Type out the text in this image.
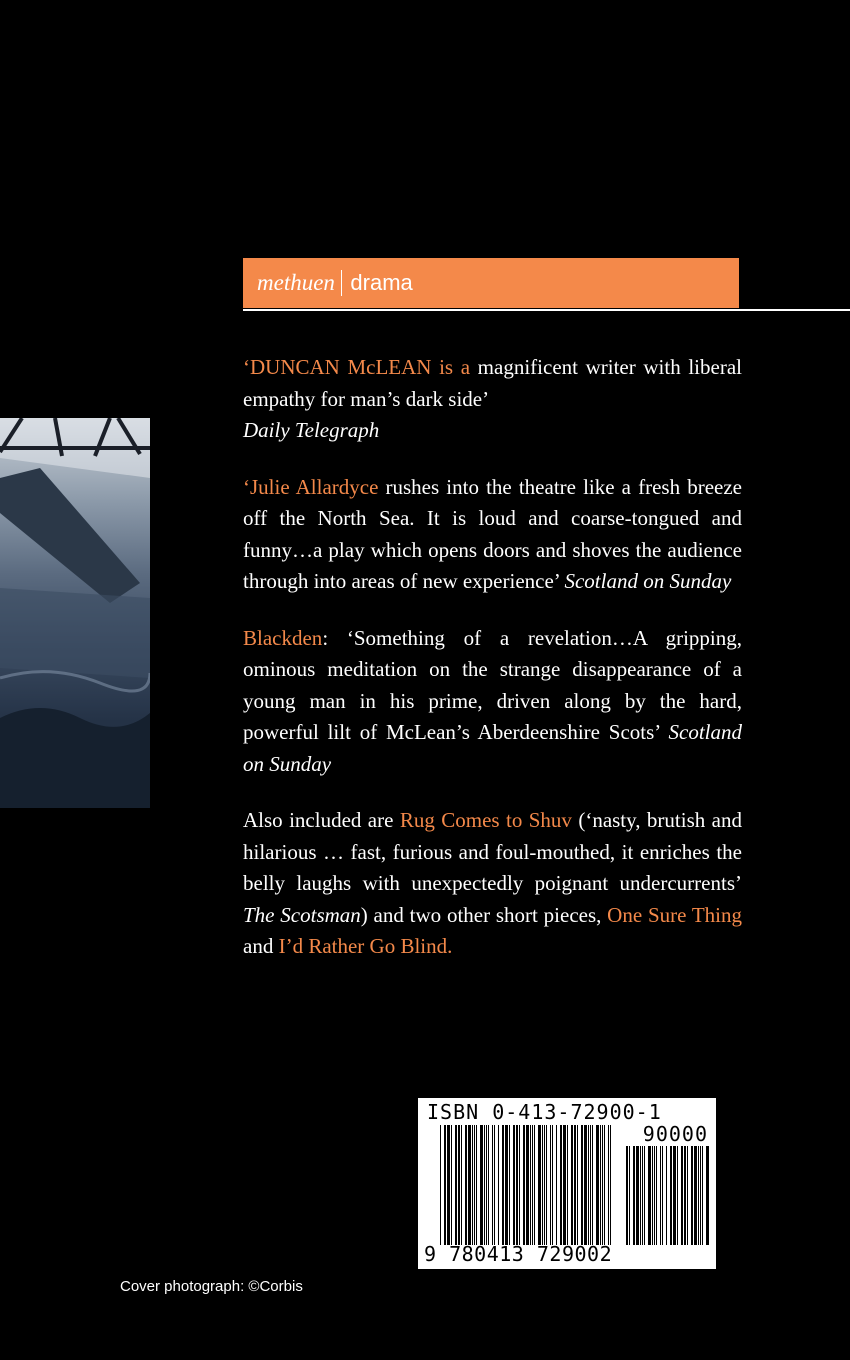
methuen drama

‘DUNCAN McLEAN is a magnificent writer with liberal empathy for man’s dark side’
Daily Telegraph

‘Julie Allardyce rushes into the theatre like a fresh breeze off the North Sea. It is loud and coarse-tongued and funny…a play which opens doors and shoves the audience through into areas of new experience’ Scotland on Sunday

Blackden: ‘Something of a revelation…A gripping, ominous meditation on the strange disappearance of a young man in his prime, driven along by the hard, powerful lilt of McLean’s Aberdeenshire Scots’ Scotland on Sunday

Also included are Rug Comes to Shuv (‘nasty, brutish and hilarious … fast, furious and foul-mouthed, it enriches the belly laughs with unexpectedly poignant undercurrents’ The Scotsman) and two other short pieces, One Sure Thing and I’d Rather Go Blind.

ISBN 0-413-72900-1
90000
9 780413 729002
Cover photograph: ©Corbis
